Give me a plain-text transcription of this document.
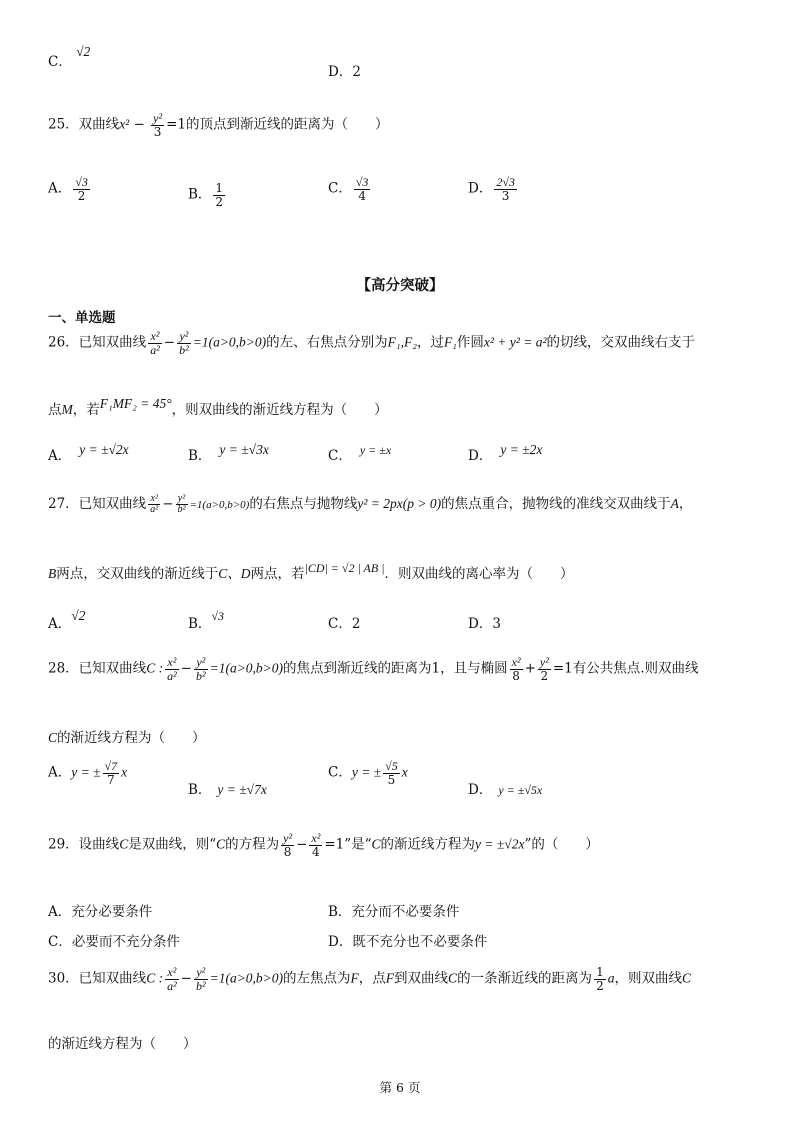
C． √2
D．2
25．双曲线$x^2 - \frac{\text{y²}}{3} =1$的顶点到渐近线的距离为（　　）
A． $\frac{√3}{2}$	B． $\frac{1}{2}$	C． $\frac{√3}{4}$	D． $\frac{2√3}{3}$
【高分突破】
一、单选题
26．已知双曲线 $\frac{\text{x²}}{\text{a²}} - \frac{\text{y²}}{\text{b²}} =1(a>0,b>0)$的左、右焦点分别为F₁,F₂，过F₁作圆x² + y² = a²的切线，交双曲线右支于
点M，若F₁MF₂ = 45°，则双曲线的渐近线方程为（　　）
A． y = ±√2x	B． y = ±√3x	C． y = ±x	D． y = ±2x
27．已知双曲线 $\frac{\text{x²}}{\text{a²}} - \frac{\text{y²}}{\text{b²}} =1(a>0,b>0)$的右焦点与抛物线y² = 2px(p > 0)的焦点重合，抛物线的准线交双曲线于A，
B两点，交双曲线的渐近线于C、D两点，若|CD| = √2 | AB |．则双曲线的离心率为（　　）
A．√2
B．√3	C．2	D．3
28．已知双曲线C : $\frac{\text{x²}}{\text{a²}} - \frac{\text{y²}}{\text{b²}} =1(a>0,b>0)$的焦点到渐近线的距离为1，且与椭圆 $\frac{\text{x²}}{8} + \frac{\text{y²}}{2} =1$有公共焦点.则双曲线
C的渐近线方程为（　　）
A．y = ± $\frac{√7}{7}$ x
B． y = ±√7x
C．y = ± $\frac{√5}{5}$ x
D． y = ±√5x
29．设曲线C是双曲线，则“C的方程为 $\frac{\text{y²}}{8} - \frac{\text{x²}}{4} =1$”是“C的渐近线方程为y = ±√2x”的（　　）
A．充分必要条件	B．充分而不必要条件
C．必要而不充分条件	D．既不充分也不必要条件
30．已知双曲线C : $\frac{\text{x²}}{\text{a²}} - \frac{\text{y²}}{\text{b²}} =1(a>0,b>0)$的左焦点为F，点F到双曲线C的一条渐近线的距离为 $\frac{1}{2}$ a，则双曲线C
的渐近线方程为（　　）
第 6 页
